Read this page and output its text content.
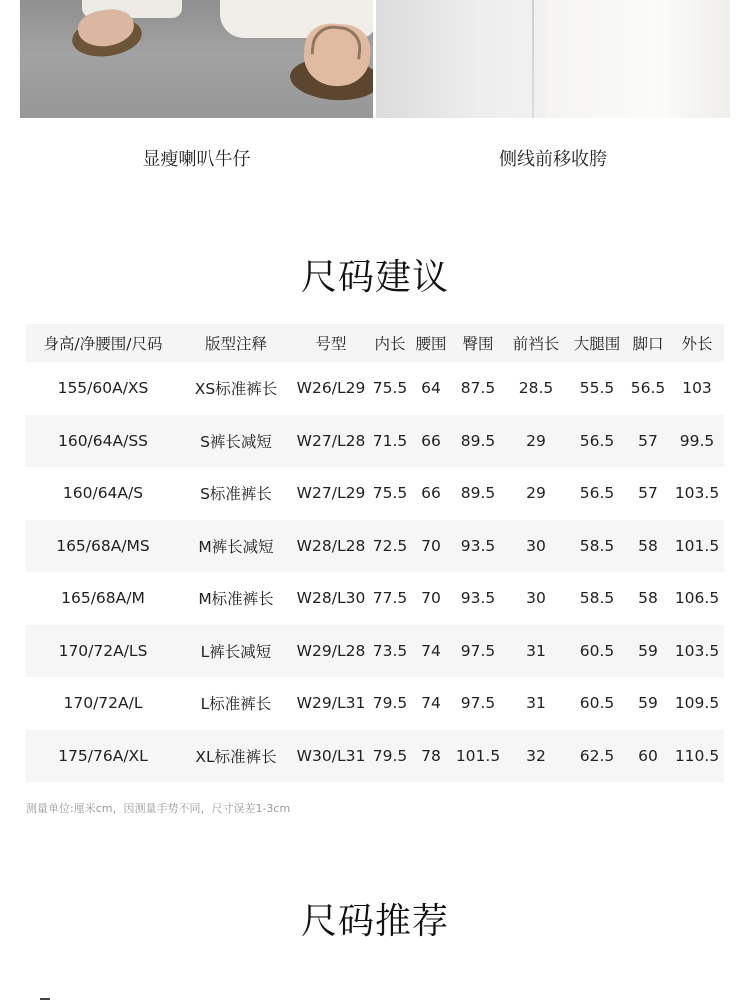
显瘦喇叭牛仔	侧线前移收胯
尺码建议
身高/净腰围/尺码	版型注释	号型	内长	腰围	臀围	前裆长	大腿围	脚口	外长
155/60A/XS	XS标准裤长	W26/L29	75.5	64	87.5	28.5	55.5	56.5	103
160/64A/SS	S裤长减短	W27/L28	71.5	66	89.5	29	56.5	57	99.5
160/64A/S	S标准裤长	W27/L29	75.5	66	89.5	29	56.5	57	103.5
165/68A/MS	M裤长减短	W28/L28	72.5	70	93.5	30	58.5	58	101.5
165/68A/M	M标准裤长	W28/L30	77.5	70	93.5	30	58.5	58	106.5
170/72A/LS	L裤长减短	W29/L28	73.5	74	97.5	31	60.5	59	103.5
170/72A/L	L标准裤长	W29/L31	79.5	74	97.5	31	60.5	59	109.5
175/76A/XL	XL标准裤长	W30/L31	79.5	78	101.5	32	62.5	60	110.5
测量单位:厘米cm，因测量手势不同，尺寸误差1-3cm
尺码推荐
